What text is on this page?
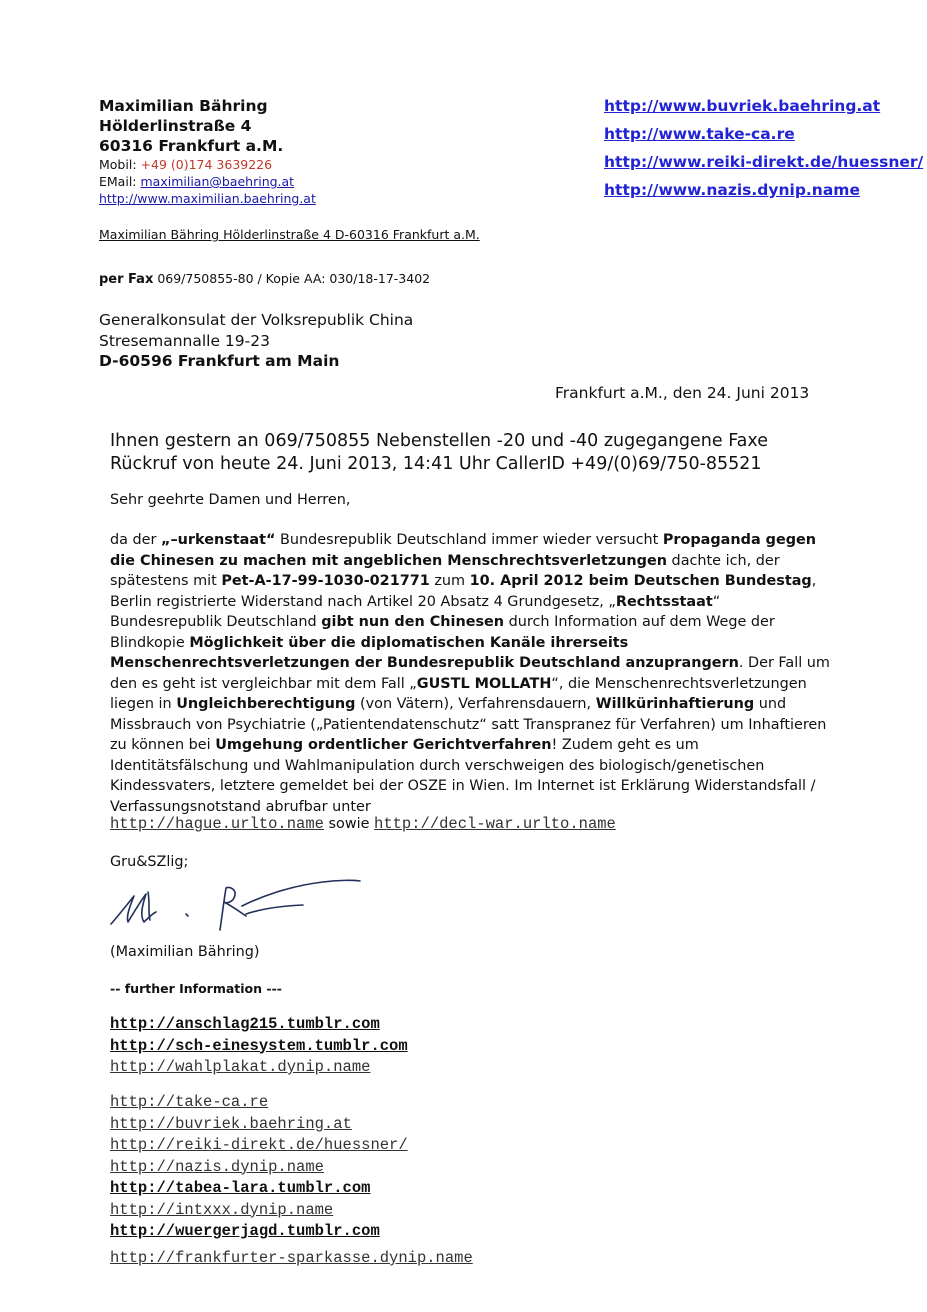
Maximilian Bähring
Hölderlinstraße 4
60316 Frankfurt a.M.
Mobil: +49 (0)174 3639226
EMail: maximilian@baehring.at
http://www.maximilian.baehring.at
http://www.buvriek.baehring.at
http://www.take-ca.re
http://www.reiki-direkt.de/huessner/
http://www.nazis.dynip.name
Maximilian Bähring Hölderlinstraße 4 D-60316 Frankfurt a.M.
per Fax 069/750855-80 / Kopie AA: 030/18-17-3402
Generalkonsulat der Volksrepublik China
Stresemannalle 19-23
D-60596 Frankfurt am Main
Frankfurt a.M., den 24. Juni 2013
Ihnen gestern an 069/750855 Nebenstellen -20 und -40 zugegangene Faxe
Rückruf von heute 24. Juni 2013, 14:41 Uhr CallerID +49/(0)69/750-85521
Sehr geehrte Damen und Herren,
da der „–urkenstaat“ Bundesrepublik Deutschland immer wieder versucht Propaganda gegen die Chinesen zu machen mit angeblichen Menschrechtsverletzungen dachte ich, der spätestens mit Pet-A-17-99-1030-021771 zum 10. April 2012 beim Deutschen Bundestag, Berlin registrierte Widerstand nach Artikel 20 Absatz 4 Grundgesetz, „Rechtsstaat“ Bundesrepublik Deutschland gibt nun den Chinesen durch Information auf dem Wege der Blindkopie Möglichkeit über die diplomatischen Kanäle ihrerseits Menschenrechtsverletzungen der Bundesrepublik Deutschland anzuprangern. Der Fall um den es geht ist vergleichbar mit dem Fall „GUSTL MOLLATH“, die Menschenrechtsverletzungen liegen in Ungleichberechtigung (von Vätern), Verfahrensdauern, Willkürinhaftierung und Missbrauch von Psychiatrie („Patientendatenschutz“ satt Transpranez für Verfahren) um Inhaftieren zu können bei Umgehung ordentlicher Gerichtverfahren! Zudem geht es um Identitätsfälschung und Wahlmanipulation durch verschweigen des biologisch/genetischen Kindessvaters, letztere gemeldet bei der OSZE in Wien. Im Internet ist Erklärung Widerstandsfall / Verfassungsnotstand abrufbar unter
http://hague.urlto.name sowie http://decl-war.urlto.name
Gru&SZlig;
(Maximilian Bähring)
-- further Information ---
http://anschlag215.tumblr.com
http://sch-einesystem.tumblr.com
http://wahlplakat.dynip.name
http://take-ca.re
http://buvriek.baehring.at
http://reiki-direkt.de/huessner/
http://nazis.dynip.name
http://tabea-lara.tumblr.com
http://intxxx.dynip.name
http://wuergerjagd.tumblr.com
http://frankfurter-sparkasse.dynip.name
